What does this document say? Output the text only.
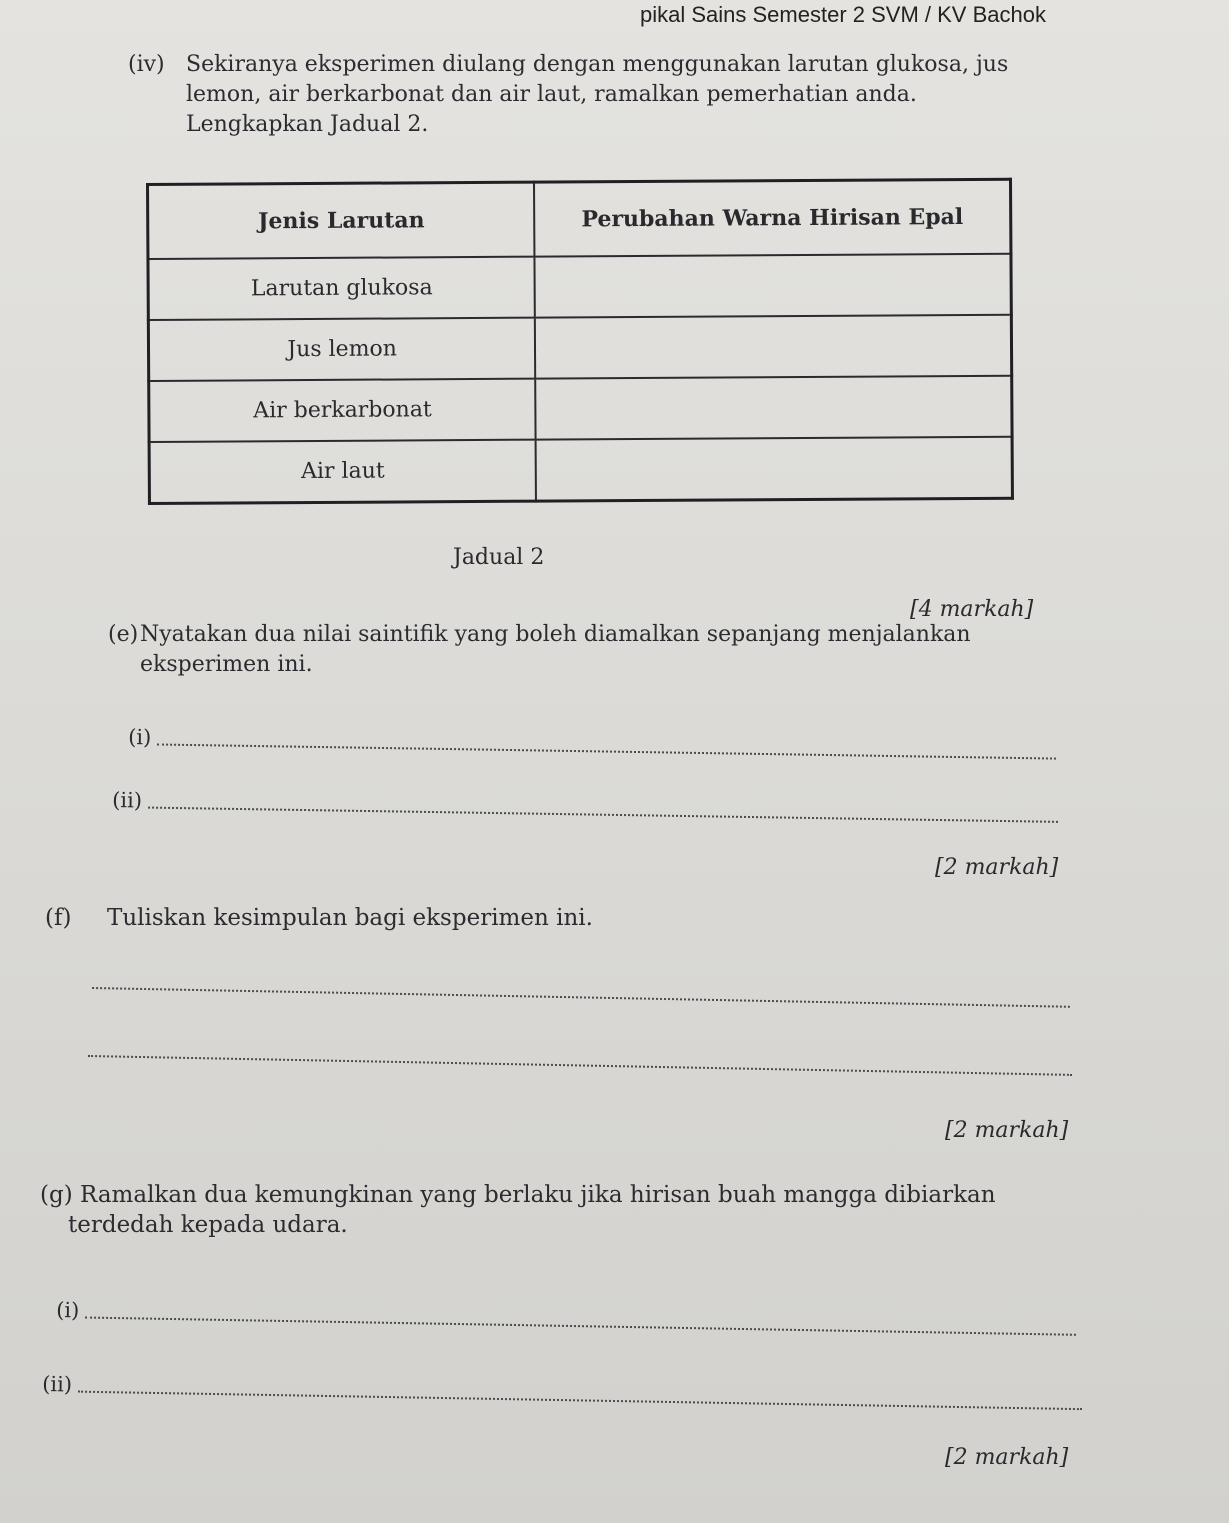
pikal Sains Semester 2 SVM / KV Bachok
(iv) Sekiranya eksperimen diulang dengan menggunakan larutan glukosa, jus
lemon, air berkarbonat dan air laut, ramalkan pemerhatian anda.
Lengkapkan Jadual 2.
Jenis Larutan	Perubahan Warna Hirisan Epal
Larutan glukosa	
Jus lemon	
Air berkarbonat	
Air laut	
Jadual 2
[4 markah]
(e) Nyatakan dua nilai saintifik yang boleh diamalkan sepanjang menjalankan eksperimen ini.
(i)
(ii)
[2 markah]
(f) Tuliskan kesimpulan bagi eksperimen ini.
[2 markah]
(g) Ramalkan dua kemungkinan yang berlaku jika hirisan buah mangga dibiarkan
terdedah kepada udara.
(i)
(ii)
[2 markah]
